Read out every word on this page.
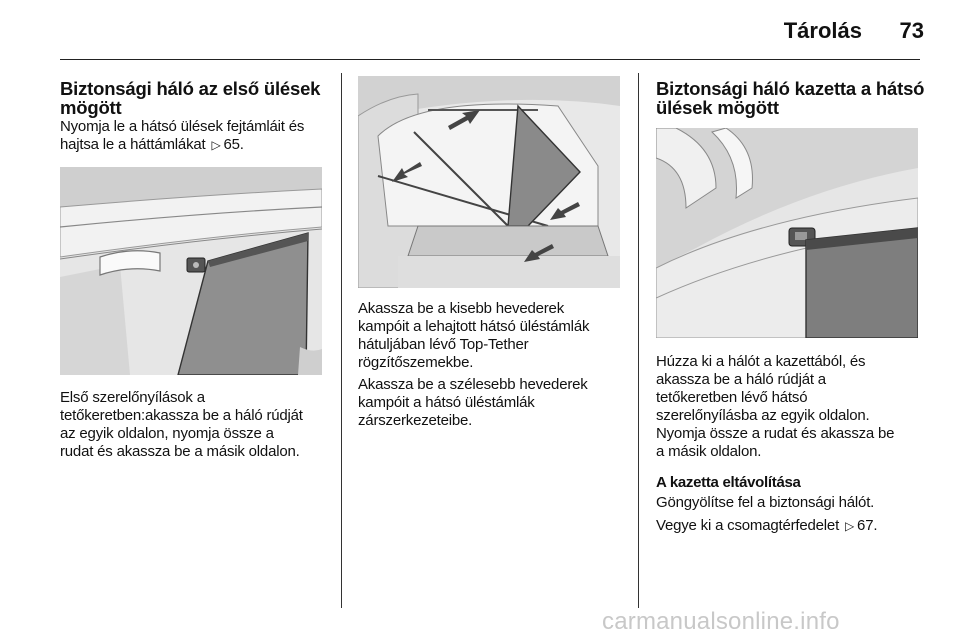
Tárolás	73

Biztonsági háló az első ülések mögött

Nyomja le a hátsó ülések fejtámláit és
hajtsa le a háttámlákat ▷ 65.

Első szerelőnyílások a
tetőkeretben:akassza be a háló rúdját
az egyik oldalon, nyomja össze a
rudat és akassza be a másik oldalon.

Akassza be a kisebb hevederek
kampóit a lehajtott hátsó üléstámlák
hátuljában lévő Top-Tether
rögzítőszemekbe.

Akassza be a szélesebb hevederek
kampóit a hátsó üléstámlák
zárszerkezeteibe.

Biztonsági háló kazetta a hátsó
ülések mögött

Húzza ki a hálót a kazettából, és
akassza be a háló rúdját a
tetőkeretben lévő hátsó
szerelőnyílásba az egyik oldalon.
Nyomja össze a rudat és akassza be
a másik oldalon.

A kazetta eltávolítása

Göngyölítse fel a biztonsági hálót.

Vegye ki a csomagtérfedelet ▷ 67.

carmanualsonline.info
